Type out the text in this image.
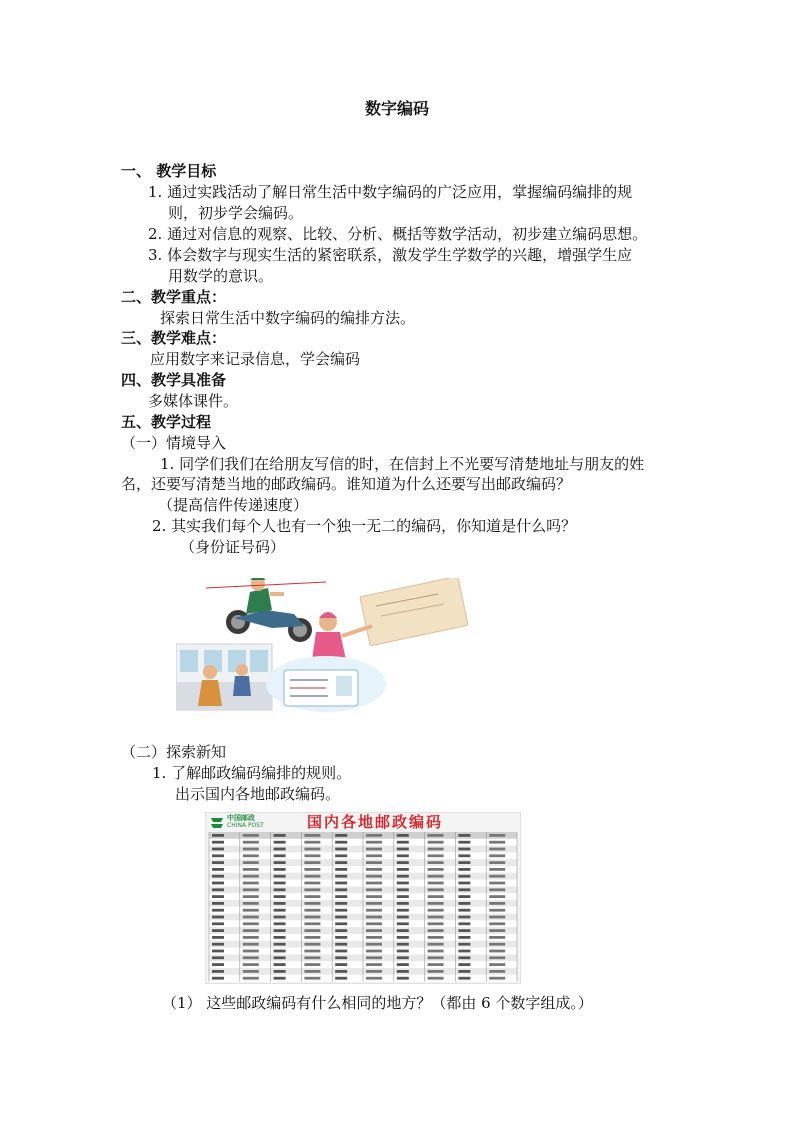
数字编码
一、 教学目标
1. 通过实践活动了解日常生活中数字编码的广泛应用，掌握编码编排的规
则，初步学会编码。
2. 通过对信息的观察、比较、分析、概括等数学活动，初步建立编码思想。
3. 体会数字与现实生活的紧密联系，激发学生学数学的兴趣，增强学生应
用数学的意识。
二、教学重点：
探索日常生活中数字编码的编排方法。
三、教学难点：
应用数字来记录信息，学会编码
四、教学具准备
多媒体课件。
五、教学过程
（一）情境导入
1. 同学们我们在给朋友写信的时，在信封上不光要写清楚地址与朋友的姓
名，还要写清楚当地的邮政编码。谁知道为什么还要写出邮政编码？
（提高信件传递速度）
2. 其实我们每个人也有一个独一无二的编码，你知道是什么吗？
（身份证号码）
（二）探索新知
1. 了解邮政编码编排的规则。
出示国内各地邮政编码。
中国邮政
CHINA POST	国内各地邮政编码
（1） 这些邮政编码有什么相同的地方？（都由 6 个数字组成。）
